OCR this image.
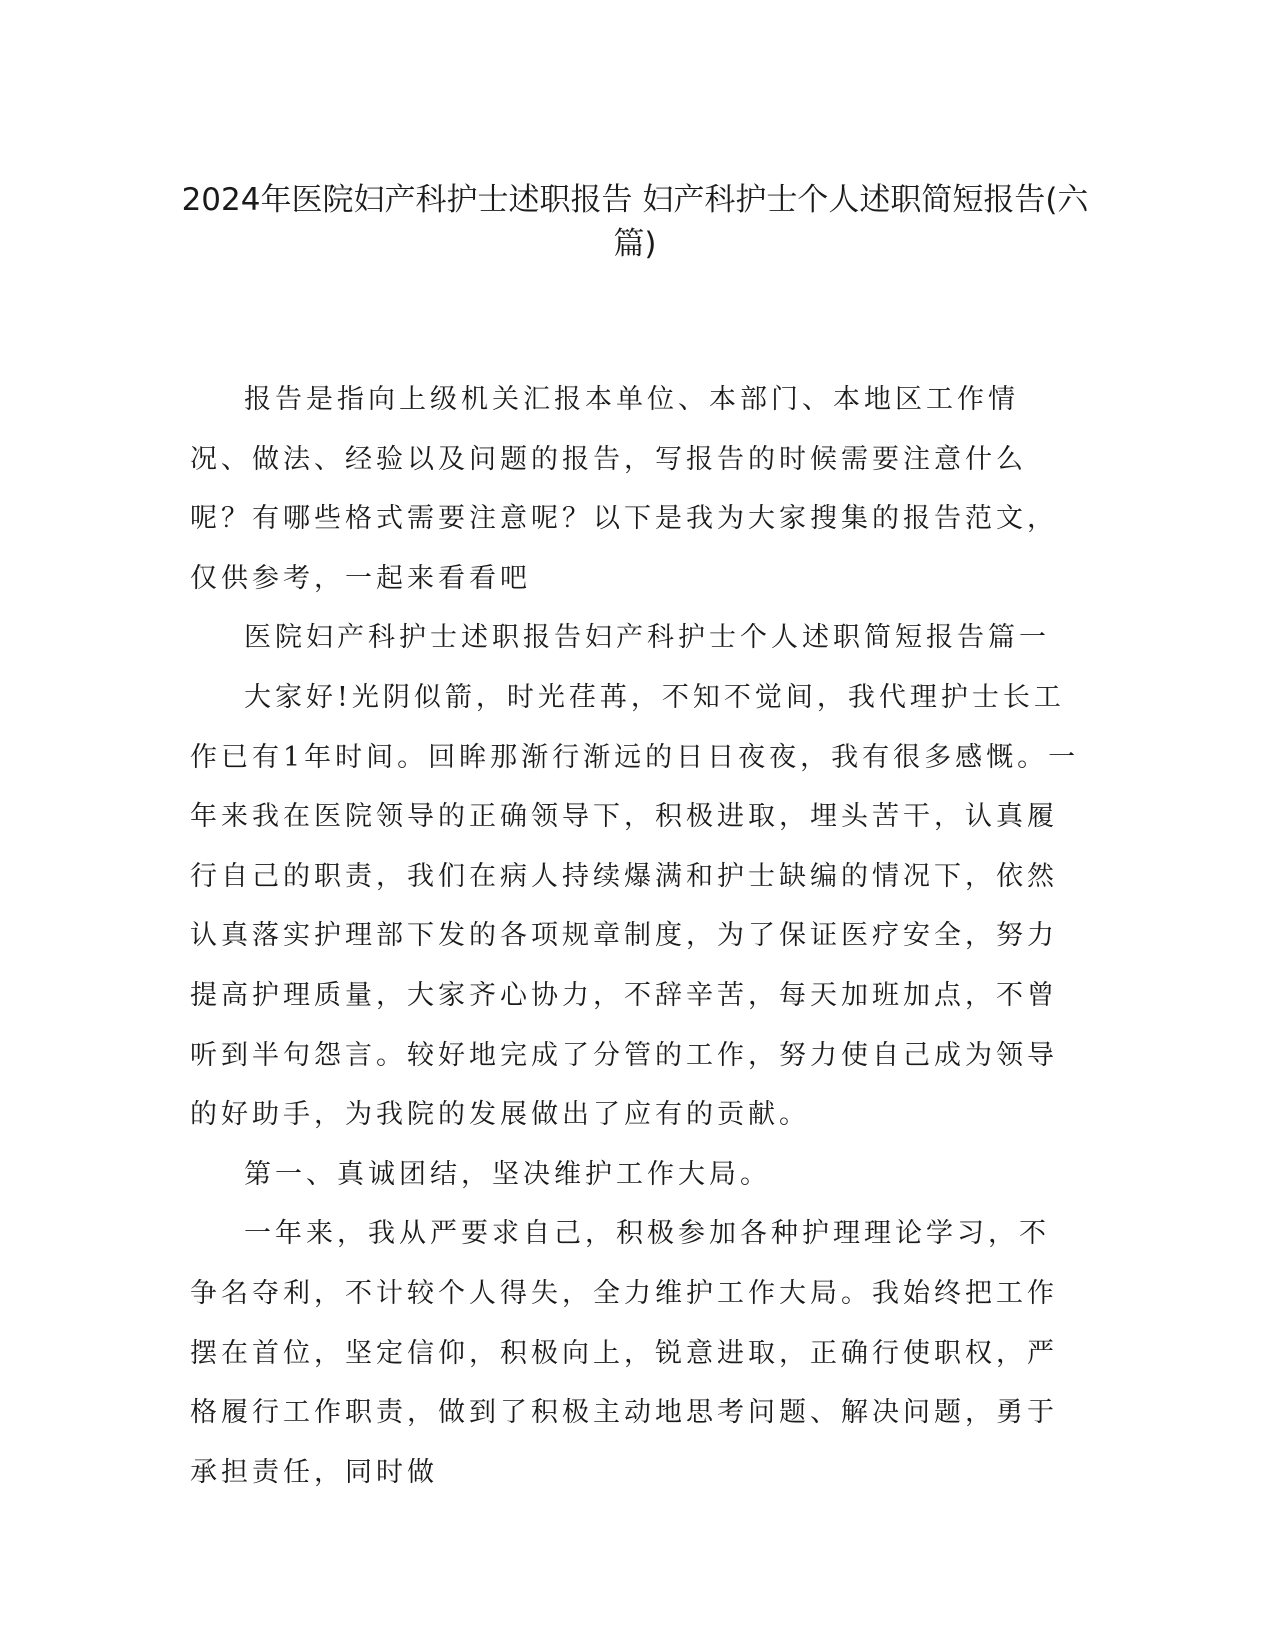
2024年医院妇产科护士述职报告 妇产科护士个人述职简短报告(六篇)

报告是指向上级机关汇报本单位、本部门、本地区工作情况、做法、经验以及问题的报告，写报告的时候需要注意什么呢？有哪些格式需要注意呢？以下是我为大家搜集的报告范文，仅供参考，一起来看看吧

医院妇产科护士述职报告妇产科护士个人述职简短报告篇一

大家好!光阴似箭，时光荏苒，不知不觉间，我代理护士长工作已有1年时间。回眸那渐行渐远的日日夜夜，我有很多感慨。一年来我在医院领导的正确领导下，积极进取，埋头苦干，认真履行自己的职责，我们在病人持续爆满和护士缺编的情况下，依然认真落实护理部下发的各项规章制度，为了保证医疗安全，努力提高护理质量，大家齐心协力，不辞辛苦，每天加班加点，不曾听到半句怨言。较好地完成了分管的工作，努力使自己成为领导的好助手，为我院的发展做出了应有的贡献。

第一、真诚团结，坚决维护工作大局。

一年来，我从严要求自己，积极参加各种护理理论学习，不争名夺利，不计较个人得失，全力维护工作大局。我始终把工作摆在首位，坚定信仰，积极向上，锐意进取，正确行使职权，严格履行工作职责，做到了积极主动地思考问题、解决问题，勇于承担责任，同时做
